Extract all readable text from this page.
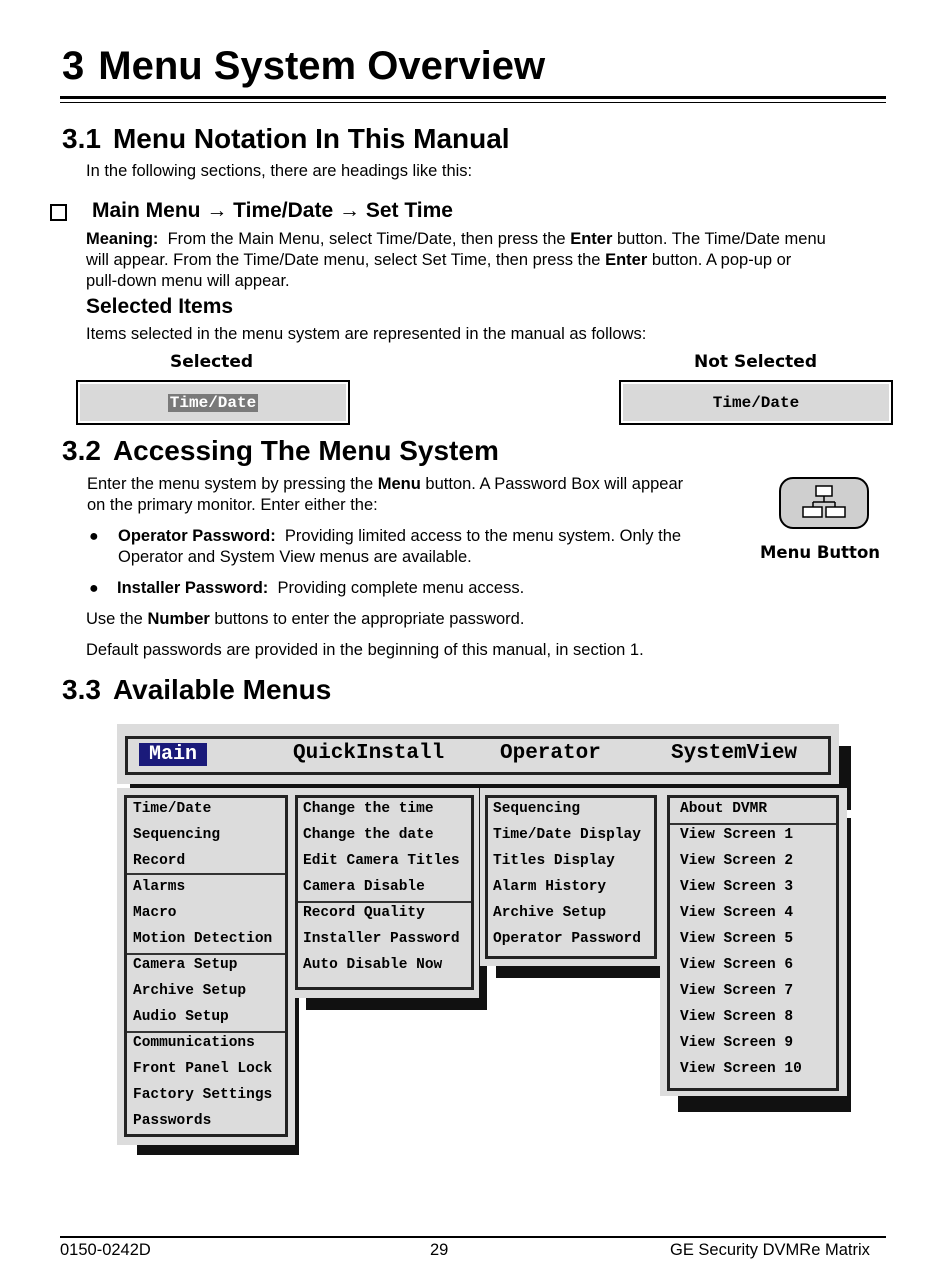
3 Menu System Overview
3.1 Menu Notation In This Manual
In the following sections, there are headings like this:
Main Menu → Time/Date → Set Time
Meaning: From the Main Menu, select Time/Date, then press the Enter button. The Time/Date menu
will appear. From the Time/Date menu, select Set Time, then press the Enter button. A pop-up or
pull-down menu will appear.
Selected Items
Items selected in the menu system are represented in the manual as follows:
Selected	Not Selected
Time/Date	Time/Date
3.2 Accessing The Menu System
Enter the menu system by pressing the Menu button. A Password Box will appear
on the primary monitor. Enter either the:
● Operator Password: Providing limited access to the menu system. Only the
Operator and System View menus are available.
● Installer Password: Providing complete menu access.
Use the Number buttons to enter the appropriate password.
Default passwords are provided in the beginning of this manual, in section 1.
Menu Button
3.3 Available Menus
Main	QuickInstall	Operator	SystemView
Time/Date
Sequencing
Record
Alarms
Macro
Motion Detection
Camera Setup
Archive Setup
Audio Setup
Communications
Front Panel Lock
Factory Settings
Passwords
Change the time
Change the date
Edit Camera Titles
Camera Disable
Record Quality
Installer Password
Auto Disable Now
Sequencing
Time/Date Display
Titles Display
Alarm History
Archive Setup
Operator Password
About DVMR
View Screen 1
View Screen 2
View Screen 3
View Screen 4
View Screen 5
View Screen 6
View Screen 7
View Screen 8
View Screen 9
View Screen 10
0150-0242D	29	GE Security DVMRe Matrix
